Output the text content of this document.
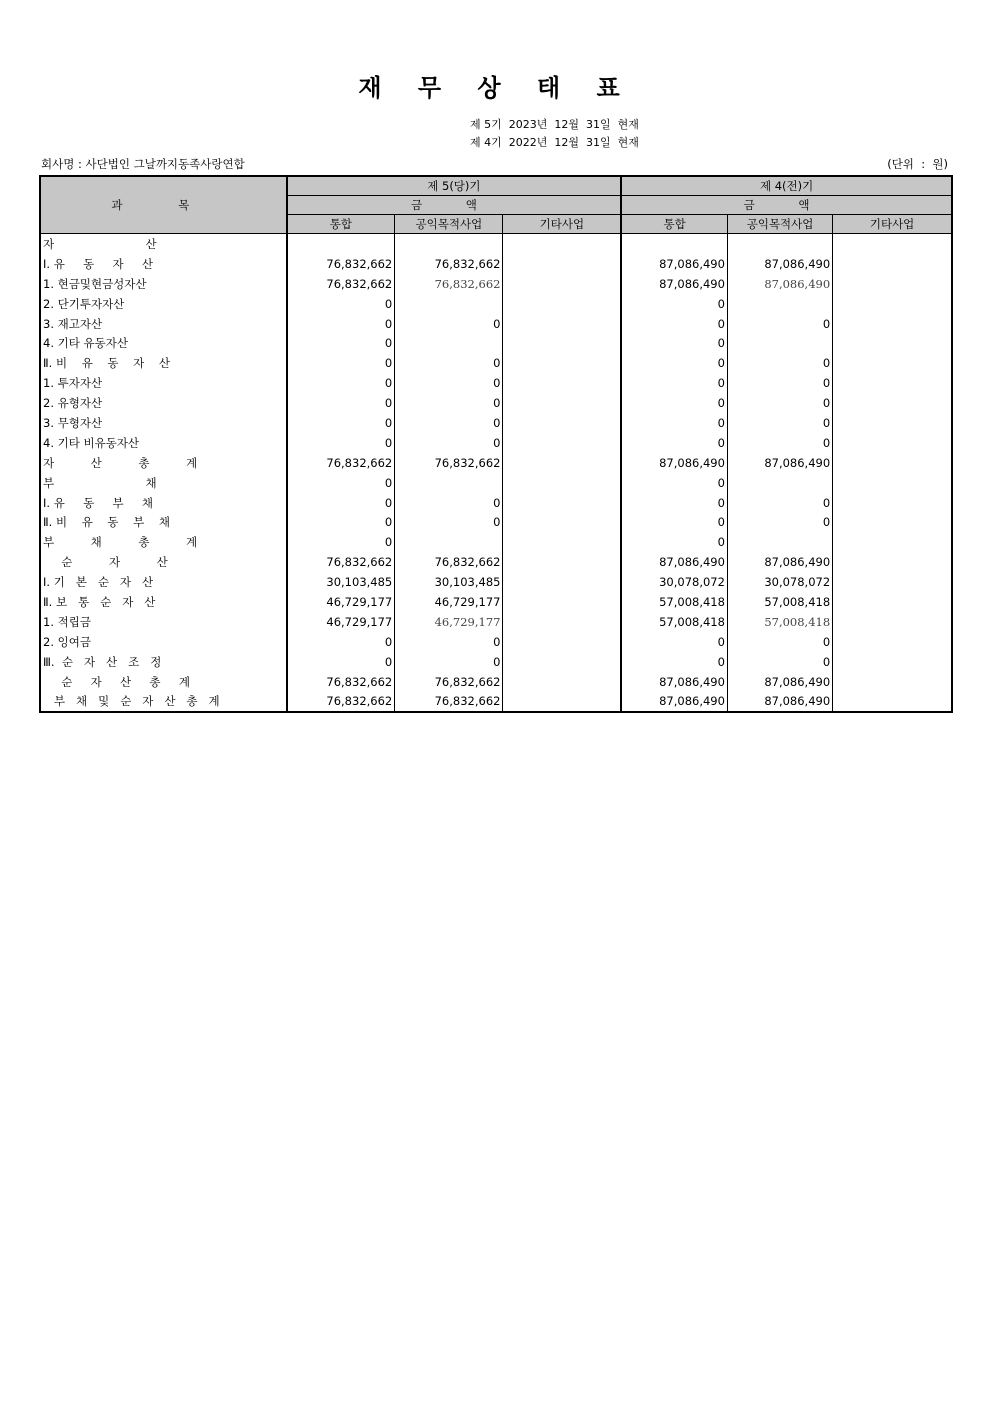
재 무 상 태 표
제 5기  2023년  12월  31일  현재
제 4기  2022년  12월  31일  현재
회사명 : 사단법인 그날까지동족사랑연합	(단위  :  원)
과 목	제 5(당)기			제 4(전)기		
	금 액			금 액		
	통합	공익목적사업	기타사업	통합	공익목적사업	기타사업
자                         산						
Ⅰ. 유     동     자     산	76,832,662	76,832,662		87,086,490	87,086,490	
1. 현금및현금성자산	76,832,662	76,832,662		87,086,490	87,086,490	
2. 단기투자자산	0			0		
3. 재고자산	0	0		0	0	
4. 기타 유동자산	0			0		
Ⅱ. 비    유    동    자    산	0	0		0	0	
1. 투자자산	0	0		0	0	
2. 유형자산	0	0		0	0	
3. 무형자산	0	0		0	0	
4. 기타 비유동자산	0	0		0	0	
자          산          총          계	76,832,662	76,832,662		87,086,490	87,086,490	
부                         채	0			0		
Ⅰ. 유     동     부     채	0	0		0	0	
Ⅱ. 비    유    동    부    채	0	0		0	0	
부          채          총          계	0			0		
순          자          산	76,832,662	76,832,662		87,086,490	87,086,490	
Ⅰ. 기   본   순   자   산	30,103,485	30,103,485		30,078,072	30,078,072	
Ⅱ. 보   통   순   자   산	46,729,177	46,729,177		57,008,418	57,008,418	
1. 적립금	46,729,177	46,729,177		57,008,418	57,008,418	
2. 잉여금	0	0		0	0	
Ⅲ.  순   자   산   조   정	0	0		0	0	
순     자     산     총     계	76,832,662	76,832,662		87,086,490	87,086,490	
부   채   및   순   자   산   총   계	76,832,662	76,832,662		87,086,490	87,086,490	
